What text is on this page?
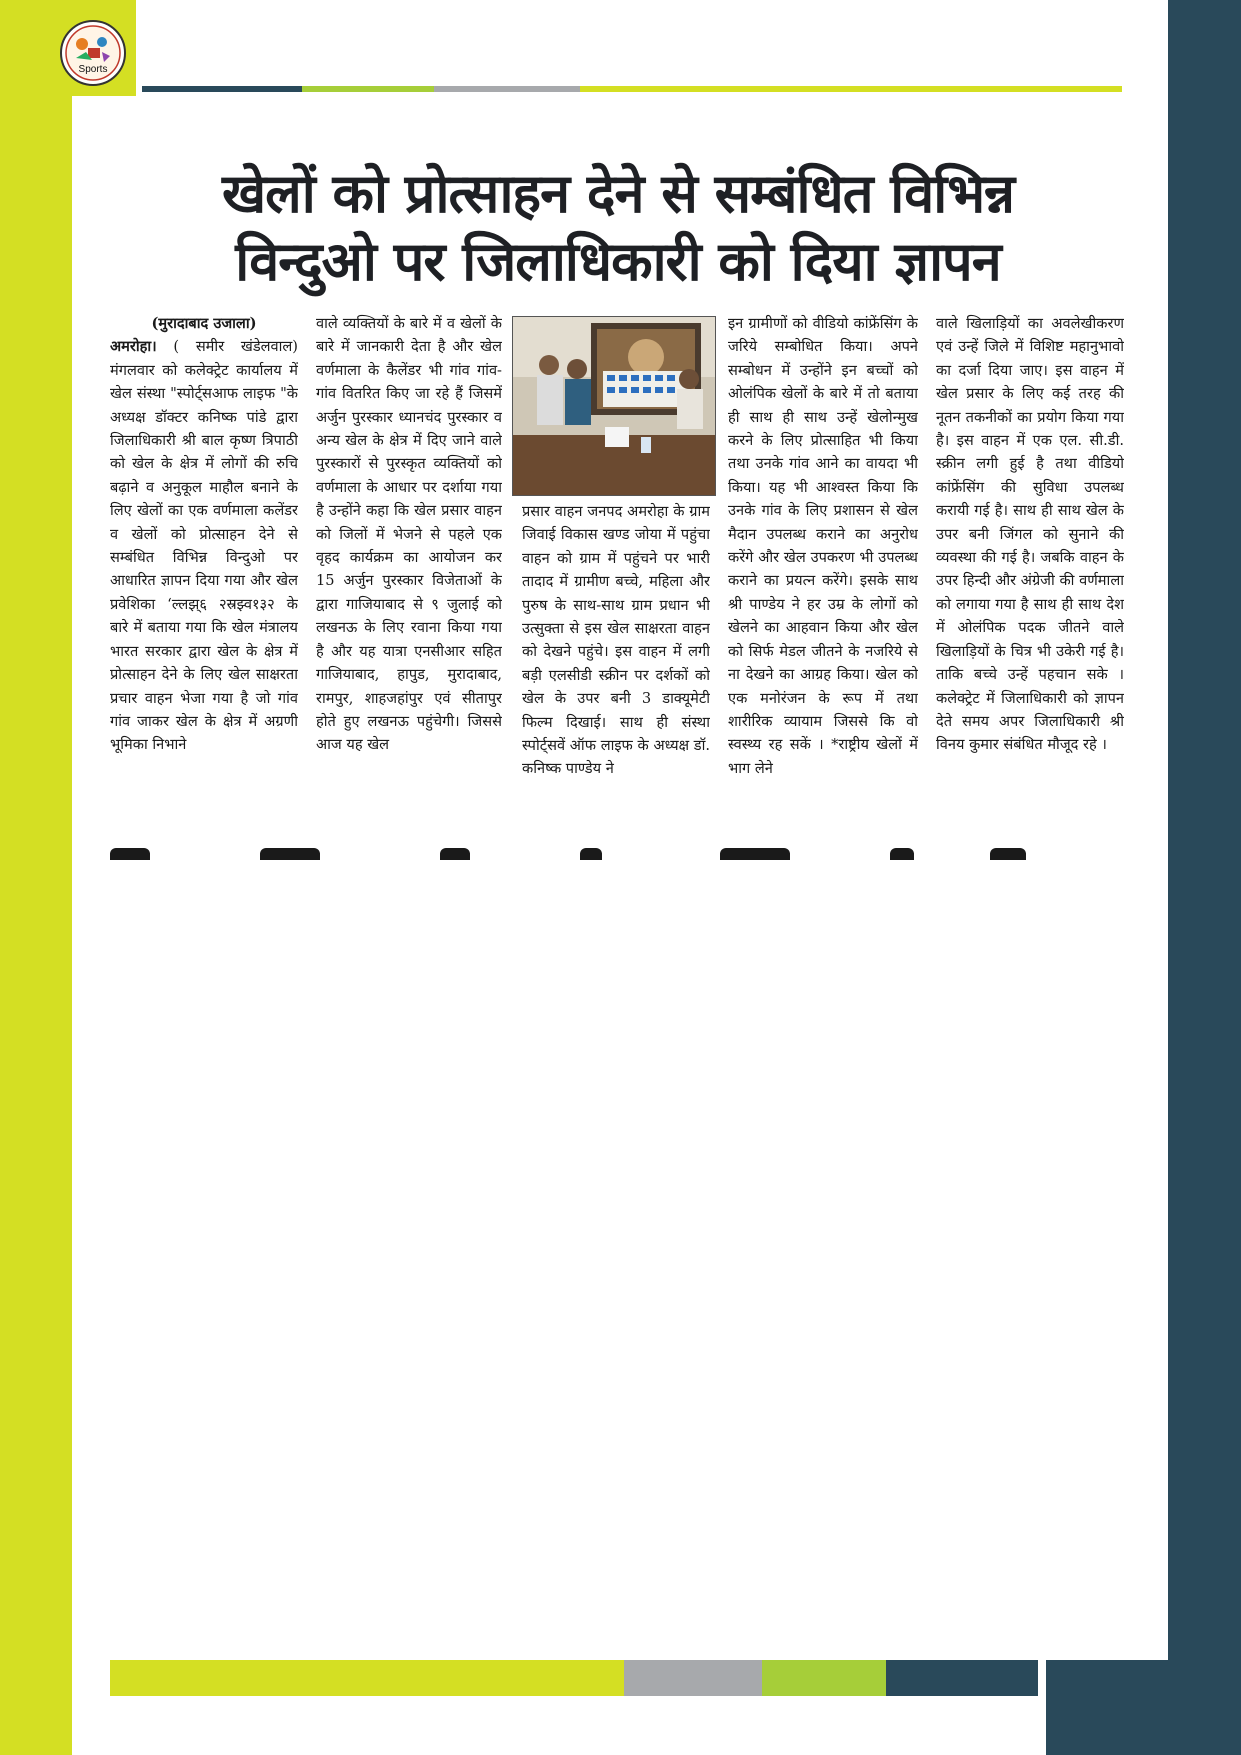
Sports
खेलों को प्रोत्साहन देने से सम्बंधित विभिन्न
विन्दुओ पर जिलाधिकारी को दिया ज्ञापन
(मुरादाबाद उजाला)
अमरोहा। ( समीर खंडेलवाल) मंगलवार को कलेक्ट्रेट कार्यालय में खेल संस्था "स्पोर्ट्सआफ लाइफ "के अध्यक्ष डॉक्टर कनिष्क पांडे द्वारा जिलाधिकारी श्री बाल कृष्ण त्रिपाठी को खेल के क्षेत्र में लोगों की रुचि बढ़ाने व अनुकूल माहौल बनाने के लिए खेलों का एक वर्णमाला कलेंडर व खेलों को प्रोत्साहन देने से सम्बंधित विभिन्न विन्दुओ पर आधारित ज्ञापन दिया गया और खेल प्रवेशिका ‘ल्लझ्६ २स्रझ्व१३२ के बारे में बताया गया कि खेल मंत्रालय भारत सरकार द्वारा खेल के क्षेत्र में प्रोत्साहन देने के लिए खेल साक्षरता प्रचार वाहन भेजा गया है जो गांव गांव जाकर खेल के क्षेत्र में अग्रणी भूमिका निभाने
वाले व्यक्तियों के बारे में व खेलों के बारे में जानकारी देता है और खेल वर्णमाला के कैलेंडर भी गांव गांव-गांव वितरित किए जा रहे हैं जिसमें अर्जुन पुरस्कार ध्यानचंद पुरस्कार व अन्य खेल के क्षेत्र में दिए जाने वाले पुरस्कारों से पुरस्कृत व्यक्तियों को वर्णमाला के आधार पर दर्शाया गया है उन्होंने कहा कि खेल प्रसार वाहन को जिलों में भेजने से पहले एक वृहद कार्यक्रम का आयोजन कर 15 अर्जुन पुरस्कार विजेताओं के द्वारा गाजियाबाद से ९ जुलाई को लखनऊ के लिए रवाना किया गया है और यह यात्रा एनसीआर सहित गाजियाबाद, हापुड, मुरादाबाद, रामपुर, शाहजहांपुर एवं सीतापुर होते हुए लखनऊ पहुंचेगी। जिससे आज यह खेल
प्रसार वाहन जनपद अमरोहा के ग्राम जिवाई विकास खण्ड जोया में पहुंचा वाहन को ग्राम में पहुंचने पर भारी तादाद में ग्रामीण बच्चे, महिला और पुरुष के साथ-साथ ग्राम प्रधान भी उत्सुक्ता से इस खेल साक्षरता वाहन को देखने पहुंचे। इस वाहन में लगी बड़ी एलसीडी स्क्रीन पर दर्शकों को खेल के उपर बनी 3 डाक्यूमेटी फिल्म दिखाई। साथ ही संस्था स्पोर्ट्सवें ऑफ लाइफ के अध्यक्ष डॉ. कनिष्क पाण्डेय ने
इन ग्रामीणों को वीडियो कांफ्रेंसिंग के जरिये सम्बोधित किया। अपने सम्बोधन में उन्होंने इन बच्चों को ओलंपिक खेलों के बारे में तो बताया ही साथ ही साथ उन्हें खेलोन्मुख करने के लिए प्रोत्साहित भी किया तथा उनके गांव आने का वायदा भी किया। यह भी आश्वस्त किया कि उनके गांव के लिए प्रशासन से खेल मैदान उपलब्ध कराने का अनुरोध करेंगे और खेल उपकरण भी उपलब्ध कराने का प्रयत्न करेंगे। इसके साथ श्री पाण्डेय ने हर उम्र के लोगों को खेलने का आहवान किया और खेल को सिर्फ मेडल जीतने के नजरिये से ना देखने का आग्रह किया। खेल को एक मनोरंजन के रूप में तथा शारीरिक व्यायाम जिससे कि वो स्वस्थ्य रह सकें । *राष्ट्रीय खेलों में भाग लेने
वाले खिलाड़ियों का अवलेखीकरण एवं उन्हें जिले में विशिष्ट महानुभावो का दर्जा दिया जाए। इस वाहन में खेल प्रसार के लिए कई तरह की नूतन तकनीकों का प्रयोग किया गया है। इस वाहन में एक एल. सी.डी. स्क्रीन लगी हुई है तथा वीडियो कांफ्रेंसिंग की सुविधा उपलब्ध करायी गई है। साथ ही साथ खेल के उपर बनी जिंगल को सुनाने की व्यवस्था की गई है। जबकि वाहन के उपर हिन्दी और अंग्रेजी की वर्णमाला को लगाया गया है साथ ही साथ देश में ओलंपिक पदक जीतने वाले खिलाड़ियों के चित्र भी उकेरी गई है। ताकि बच्चे उन्हें पहचान सके । कलेक्ट्रेट में जिलाधिकारी को ज्ञापन देते समय अपर जिलाधिकारी श्री विनय कुमार संबंधित मौजूद रहे ।
